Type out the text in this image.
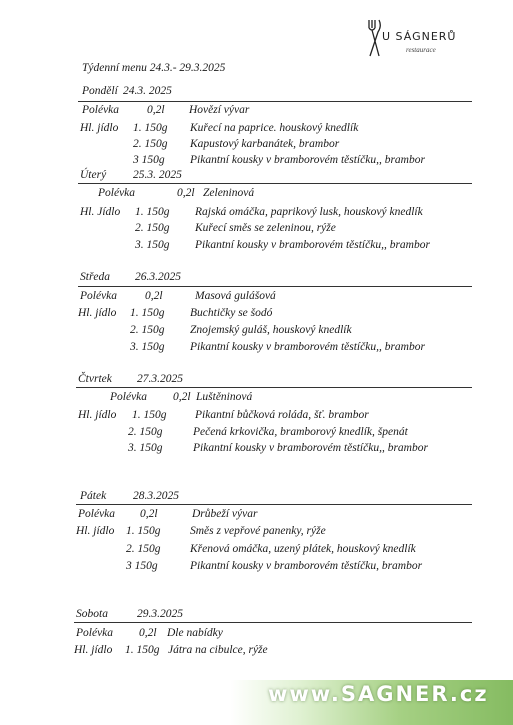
U SÁGNERŮ
restaurace
Týdenní menu 24.3.- 29.3.2025
Pondělí 24.3. 2025
Polévka 0,2l Hovězí vývar
Hl. jídlo 1. 150g Kuřecí na paprice. houskový knedlík
2. 150g Kapustový karbanátek, brambor
3 150g Pikantní kousky v bramborovém těstíčku,, brambor
Úterý 25.3. 2025
Polévka	0,2l Zeleninová
Hl. Jídlo 1. 150g Rajská omáčka, paprikový lusk, houskový knedlík
2. 150g Kuřecí směs se zeleninou, rýže
3. 150g Pikantní kousky v bramborovém těstíčku,, brambor
Středa 26.3.2025
Polévka 0,2l	Masová gulášová
Hl. jídlo 1. 150g Buchtičky se šodó
2. 150g Znojemský guláš, houskový knedlík
3. 150g Pikantní kousky v bramborovém těstíčku,, brambor
Čtvrtek 27.3.2025
Polévka 0,2l Luštěninová
Hl. jídlo 1. 150g Pikantní bůčková roláda, šť. brambor
2. 150g	Pečená krkovička, bramborový knedlík, špenát
3. 150g	Pikantní kousky v bramborovém těstíčku,, brambor
Pátek 28.3.2025
Polévka 0,2l	Drůbeží vývar
Hl. jídlo 1. 150g	Směs z vepřové panenky, rýže
2. 150g	Křenová omáčka, uzený plátek, houskový knedlík
3 150g	Pikantní kousky v bramborovém těstíčku, brambor
Sobota	29.3.2025
Polévka 0,2l Dle nabídky
Hl. jídlo 1. 150g Játra na cibulce, rýže
www.SAGNER.cz
